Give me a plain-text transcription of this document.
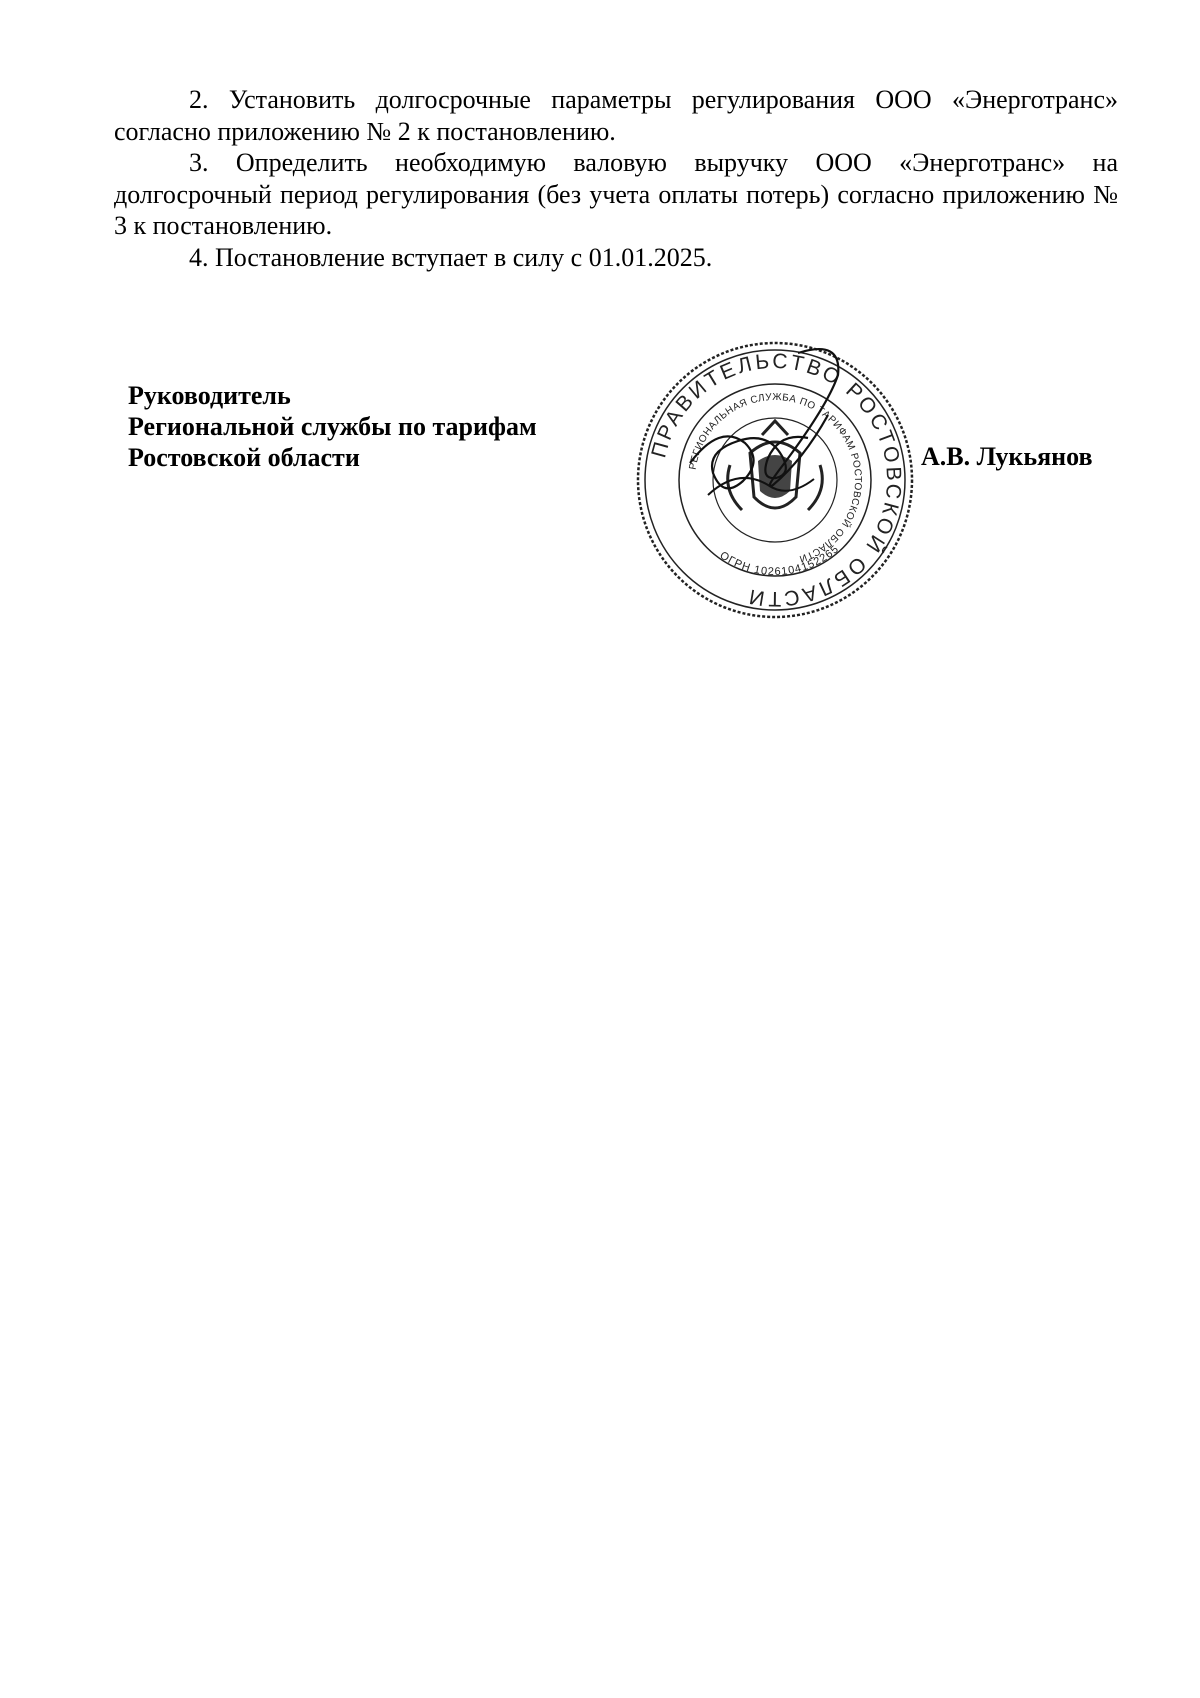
2. Установить долгосрочные параметры регулирования ООО «Энерготранс» согласно приложению № 2 к постановлению.

3. Определить необходимую валовую выручку ООО «Энерготранс» на долгосрочный период регулирования (без учета оплаты потерь) согласно приложению № 3 к постановлению.

4. Постановление вступает в силу с 01.01.2025.

Руководитель
Региональной службы по тарифам
Ростовской области	ПРАВИТЕЛЬСТВО РОСТОВСКОЙ ОБЛАСТИ
РЕГИОНАЛЬНАЯ СЛУЖБА ПО ТАРИФАМ РОСТОВСКОЙ ОБЛАСТИ
ОГРН 1026104152265
А.В. Лукьянов
